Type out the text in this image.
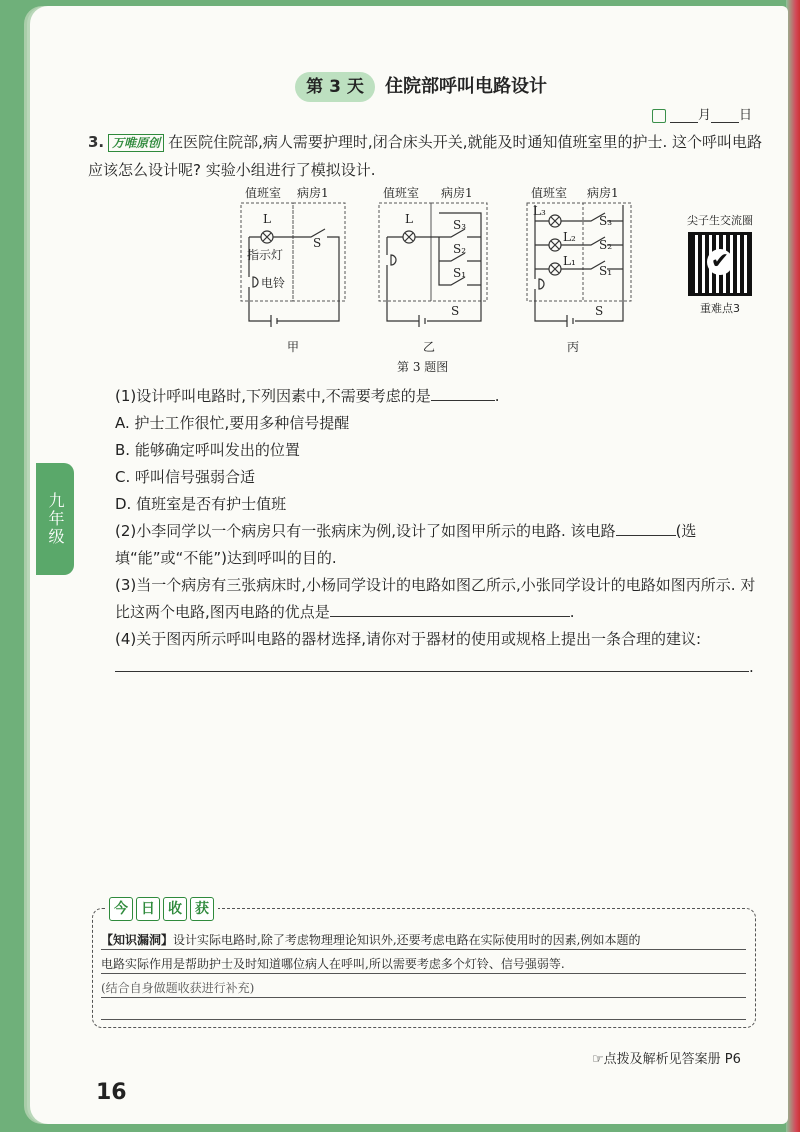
第 3 天	住院部呼叫电路设计
月 日
3. 万唯原创 在医院住院部,病人需要护理时,闭合床头开关,就能及时通知值班室里的护士. 这个呼叫电路应该怎么设计呢? 实验小组进行了模拟设计.
值班室 病房1
L
指示灯
电铃
S
甲
值班室 病房1
L	S₃
S₂
S₁
S
乙
值班室 病房1
L₃
L₂
L₁
S₃
S₂
S₁
S
丙
第 3 题图
尖子生交流圈
✔
重难点3
(1)设计呼叫电路时,下列因素中,不需要考虑的是	.
A. 护士工作很忙,要用多种信号提醒
B. 能够确定呼叫发出的位置
C. 呼叫信号强弱合适
D. 值班室是否有护士值班
(2)小李同学以一个病房只有一张病床为例,设计了如图甲所示的电路. 该电路	(选填“能”或“不能”)达到呼叫的目的.
(3)当一个病房有三张病床时,小杨同学设计的电路如图乙所示,小张同学设计的电路如图丙所示. 对比这两个电路,图丙电路的优点是	.
(4)关于图丙所示呼叫电路的器材选择,请你对于器材的使用或规格上提出一条合理的建议:
.
九年级
今 日 收 获
【知识漏洞】设计实际电路时,除了考虑物理理论知识外,还要考虑电路在实际使用时的因素,例如本题的
电路实际作用是帮助护士及时知道哪位病人在呼叫,所以需要考虑多个灯铃、信号强弱等.
(结合自身做题收获进行补充)

☞点拨及解析见答案册 P6
16
